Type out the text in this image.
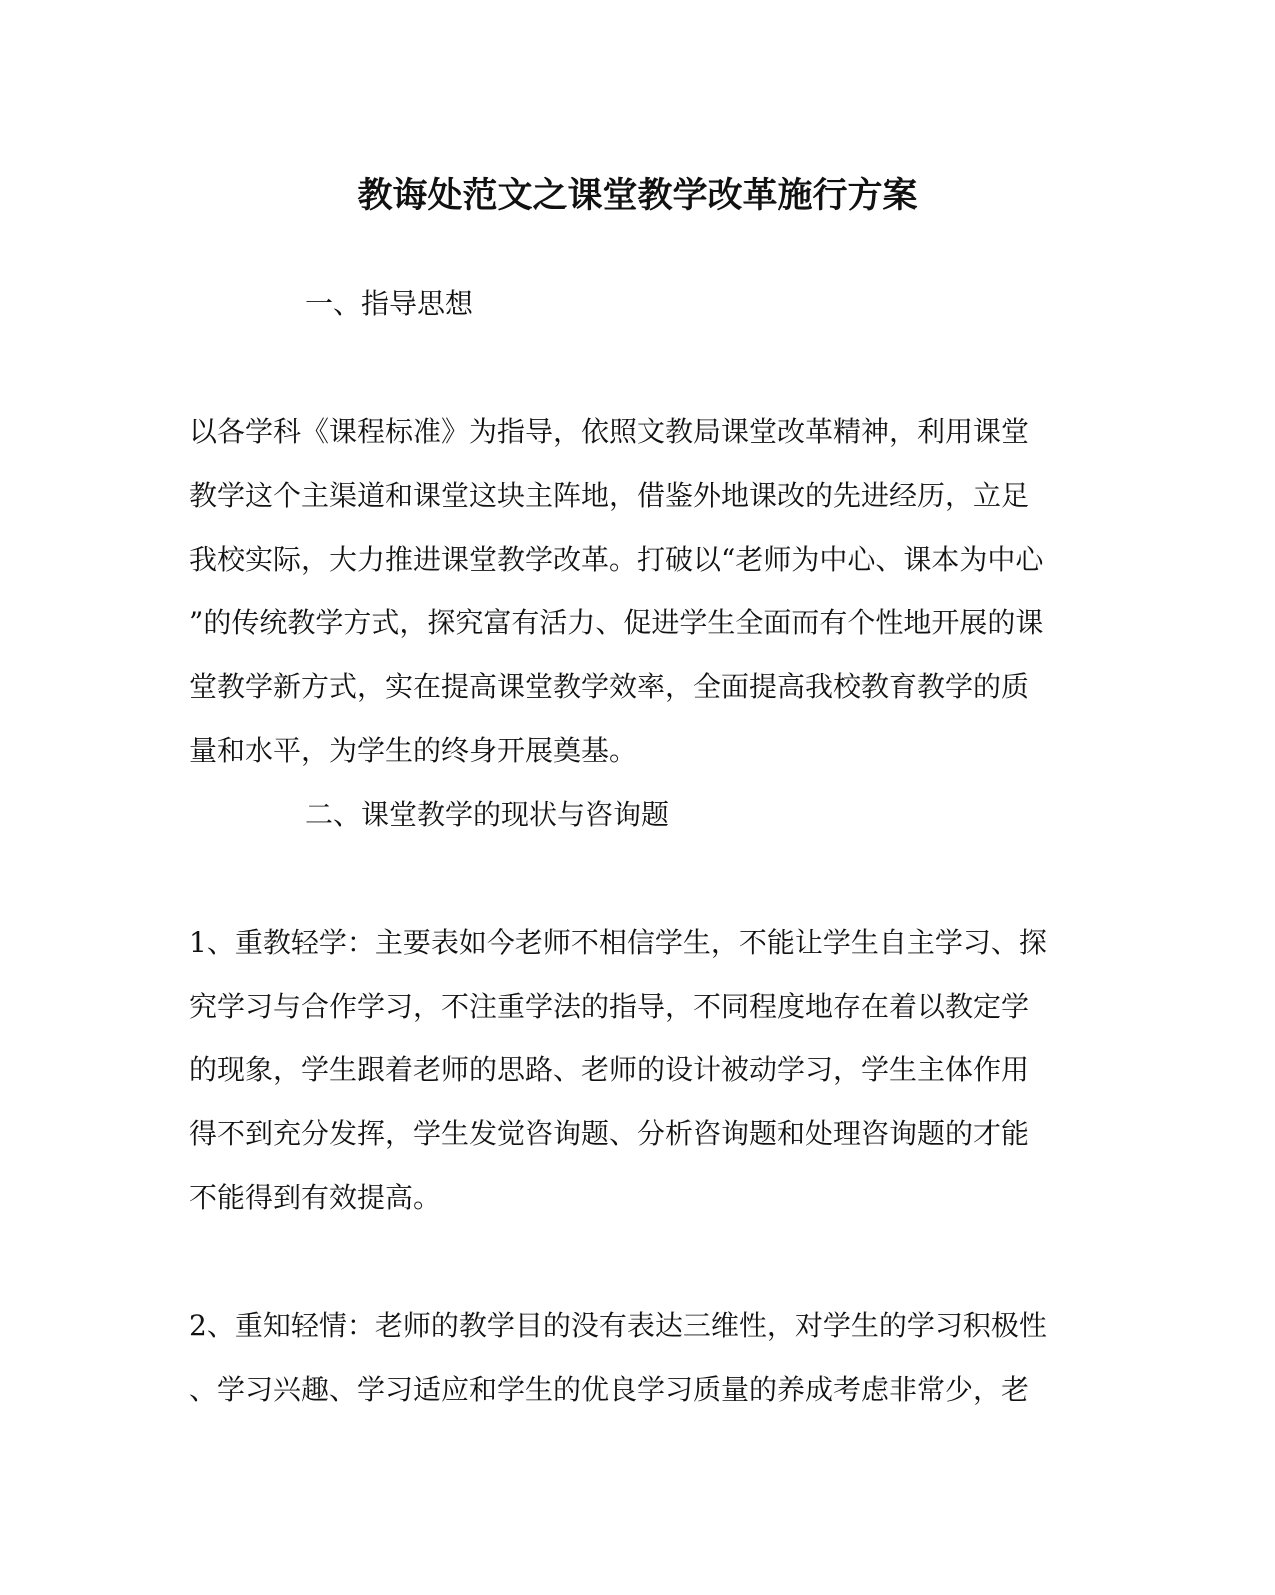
教诲处范文之课堂教学改革施行方案
一、指导思想
以各学科《课程标准》为指导，依照文教局课堂改革精神，利用课堂
教学这个主渠道和课堂这块主阵地，借鉴外地课改的先进经历，立足
我校实际，大力推进课堂教学改革。打破以“老师为中心、课本为中心
”的传统教学方式，探究富有活力、促进学生全面而有个性地开展的课
堂教学新方式，实在提高课堂教学效率，全面提高我校教育教学的质
量和水平，为学生的终身开展奠基。
二、课堂教学的现状与咨询题
1、重教轻学：主要表如今老师不相信学生，不能让学生自主学习、探
究学习与合作学习，不注重学法的指导，不同程度地存在着以教定学
的现象，学生跟着老师的思路、老师的设计被动学习，学生主体作用
得不到充分发挥，学生发觉咨询题、分析咨询题和处理咨询题的才能
不能得到有效提高。
2、重知轻情：老师的教学目的没有表达三维性，对学生的学习积极性
、学习兴趣、学习适应和学生的优良学习质量的养成考虑非常少，老
